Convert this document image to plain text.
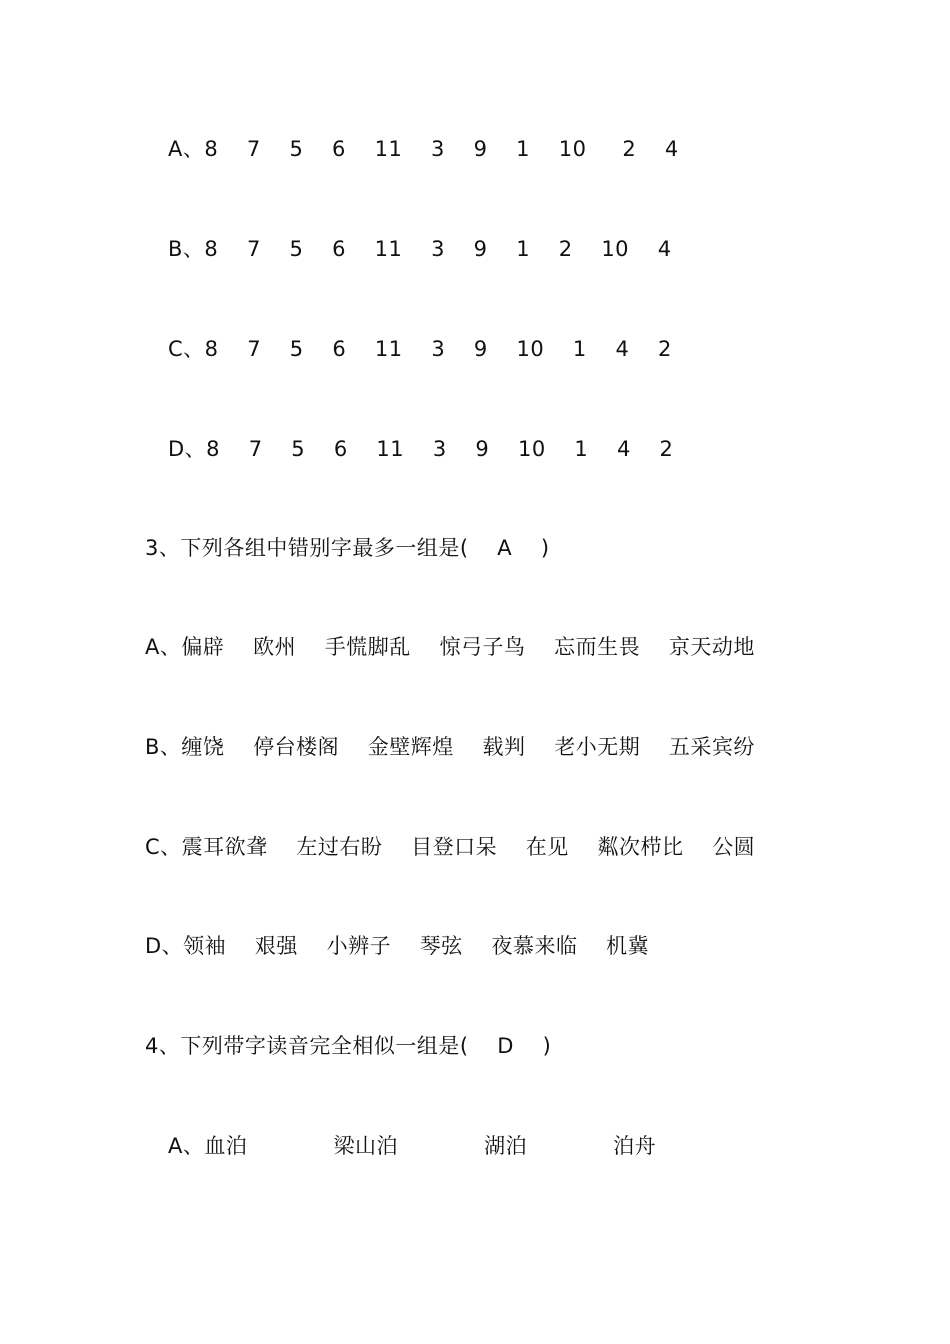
A、8    7    5    6    11    3    9    1    10     2    4
B、8    7    5    6    11    3    9    1    2    10    4
C、8    7    5    6    11    3    9    10    1    4    2
D、8    7    5    6    11    3    9    10    1    4    2
3、下列各组中错别字最多一组是(    A    )
A、偏辟    欧州    手慌脚乱    惊弓子鸟    忘而生畏    京天动地
B、缠饶    停台楼阁    金壁辉煌    载判    老小无期    五采宾纷
C、震耳欲聋    左过右盼    目登口呆    在见    粼次栉比    公圆
D、领袖    艰强    小辨子    琴弦    夜慕来临    机冀
4、下列带字读音完全相似一组是(    D    )
A、血泊            梁山泊            湖泊            泊舟
